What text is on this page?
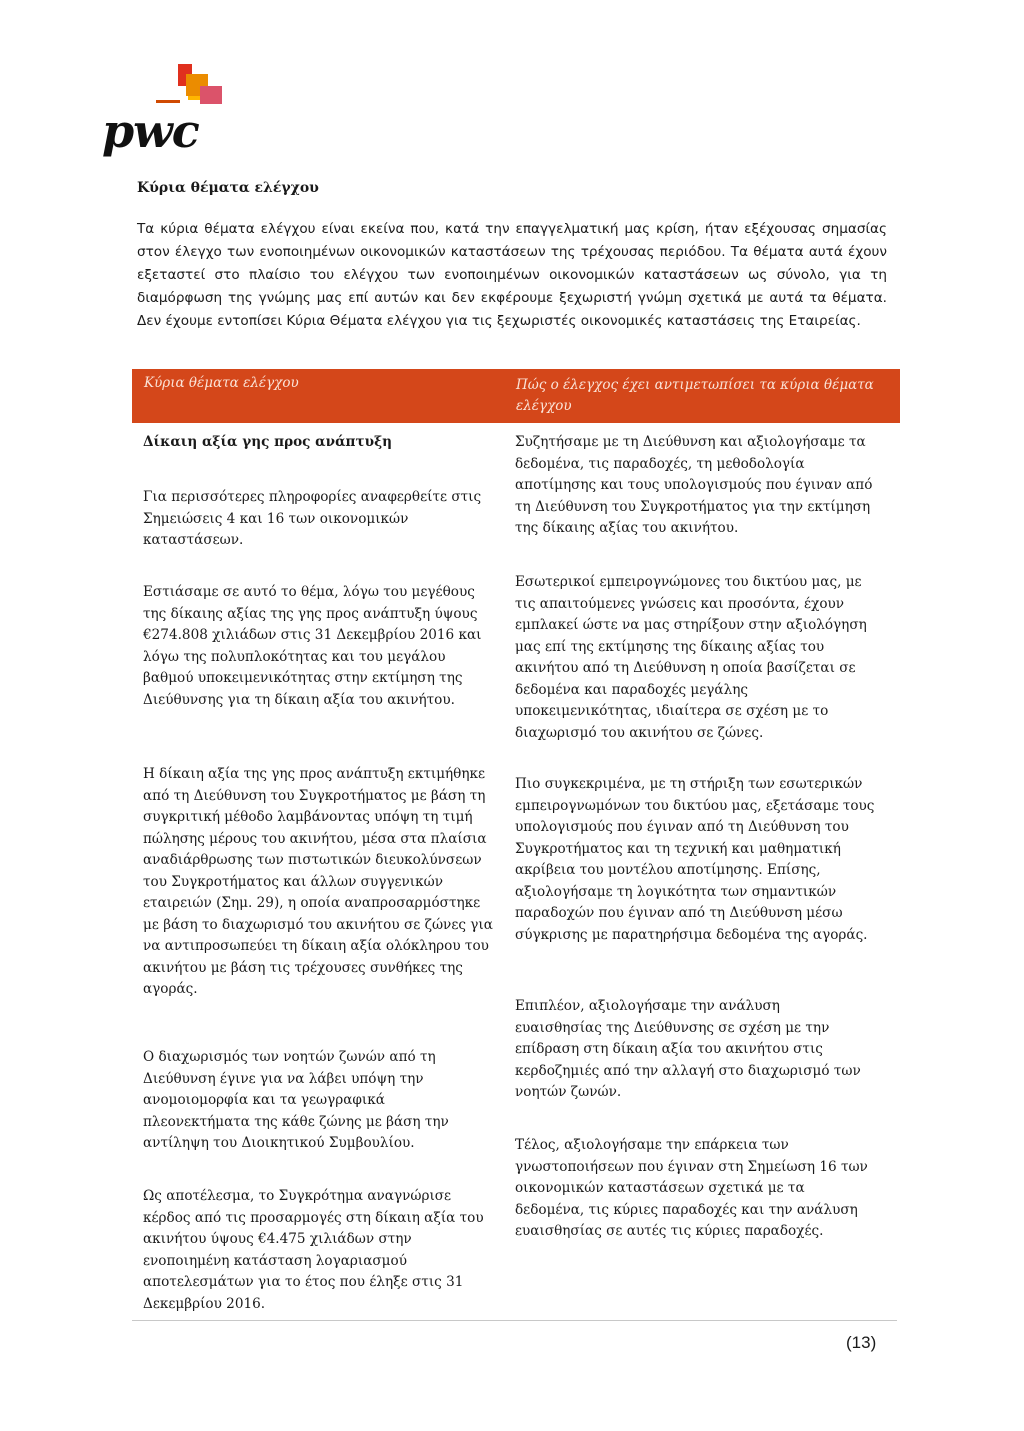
pwc
Κύρια θέματα ελέγχου

Τα κύρια θέματα ελέγχου είναι εκείνα που, κατά την επαγγελματική μας κρίση, ήταν εξέχουσας σημασίας στον έλεγχο των ενοποιημένων οικονομικών καταστάσεων της τρέχουσας περιόδου. Τα θέματα αυτά έχουν εξεταστεί στο πλαίσιο του ελέγχου των ενοποιημένων οικονομικών καταστάσεων ως σύνολο, για τη διαμόρφωση της γνώμης μας επί αυτών και δεν εκφέρουμε ξεχωριστή γνώμη σχετικά με αυτά τα θέματα. Δεν έχουμε εντοπίσει Κύρια Θέματα ελέγχου για τις ξεχωριστές οικονομικές καταστάσεις της Εταιρείας.

Κύρια θέματα ελέγχου	Πώς ο έλεγχος έχει αντιμετωπίσει τα κύρια θέματα ελέγχου

Δίκαιη αξία γης προς ανάπτυξη

Για περισσότερες πληροφορίες αναφερθείτε στις Σημειώσεις 4 και 16 των οικονομικών καταστάσεων.

Εστιάσαμε σε αυτό το θέμα, λόγω του μεγέθους της δίκαιης αξίας της γης προς ανάπτυξη ύψους €274.808 χιλιάδων στις 31 Δεκεμβρίου 2016 και λόγω της πολυπλοκότητας και του μεγάλου βαθμού υποκειμενικότητας στην εκτίμηση της Διεύθυνσης για τη δίκαιη αξία του ακινήτου.

Η δίκαιη αξία της γης προς ανάπτυξη εκτιμήθηκε από τη Διεύθυνση του Συγκροτήματος με βάση τη συγκριτική μέθοδο λαμβάνοντας υπόψη τη τιμή πώλησης μέρους του ακινήτου, μέσα στα πλαίσια αναδιάρθρωσης των πιστωτικών διευκολύνσεων του Συγκροτήματος και άλλων συγγενικών εταιρειών (Σημ. 29), η οποία αναπροσαρμόστηκε με βάση το διαχωρισμό του ακινήτου σε ζώνες για να αντιπροσωπεύει τη δίκαιη αξία ολόκληρου του ακινήτου με βάση τις τρέχουσες συνθήκες της αγοράς.

Ο διαχωρισμός των νοητών ζωνών από τη Διεύθυνση έγινε για να λάβει υπόψη την ανομοιομορφία και τα γεωγραφικά πλεονεκτήματα της κάθε ζώνης με βάση την αντίληψη του Διοικητικού Συμβουλίου.

Ως αποτέλεσμα, το Συγκρότημα αναγνώρισε κέρδος από τις προσαρμογές στη δίκαιη αξία του ακινήτου ύψους €4.475 χιλιάδων στην ενοποιημένη κατάσταση λογαριασμού αποτελεσμάτων για το έτος που έληξε στις 31 Δεκεμβρίου 2016.

Συζητήσαμε με τη Διεύθυνση και αξιολογήσαμε τα δεδομένα, τις παραδοχές, τη μεθοδολογία αποτίμησης και τους υπολογισμούς που έγιναν από τη Διεύθυνση του Συγκροτήματος για την εκτίμηση της δίκαιης αξίας του ακινήτου.

Εσωτερικοί εμπειρογνώμονες του δικτύου μας, με τις απαιτούμενες γνώσεις και προσόντα, έχουν εμπλακεί ώστε να μας στηρίξουν στην αξιολόγηση μας επί της εκτίμησης της δίκαιης αξίας του ακινήτου από τη Διεύθυνση η οποία βασίζεται σε δεδομένα και παραδοχές μεγάλης υποκειμενικότητας, ιδιαίτερα σε σχέση με το διαχωρισμό του ακινήτου σε ζώνες.

Πιο συγκεκριμένα, με τη στήριξη των εσωτερικών εμπειρογνωμόνων του δικτύου μας, εξετάσαμε τους υπολογισμούς που έγιναν από τη Διεύθυνση του Συγκροτήματος και τη τεχνική και μαθηματική ακρίβεια του μοντέλου αποτίμησης. Επίσης, αξιολογήσαμε τη λογικότητα των σημαντικών παραδοχών που έγιναν από τη Διεύθυνση μέσω σύγκρισης με παρατηρήσιμα δεδομένα της αγοράς.

Επιπλέον, αξιολογήσαμε την ανάλυση ευαισθησίας της Διεύθυνσης σε σχέση με την επίδραση στη δίκαιη αξία του ακινήτου στις κερδοζημιές από την αλλαγή στο διαχωρισμό των νοητών ζωνών.

Τέλος, αξιολογήσαμε την επάρκεια των γνωστοποιήσεων που έγιναν στη Σημείωση 16 των οικονομικών καταστάσεων σχετικά με τα δεδομένα, τις κύριες παραδοχές και την ανάλυση ευαισθησίας σε αυτές τις κύριες παραδοχές.

(13)
